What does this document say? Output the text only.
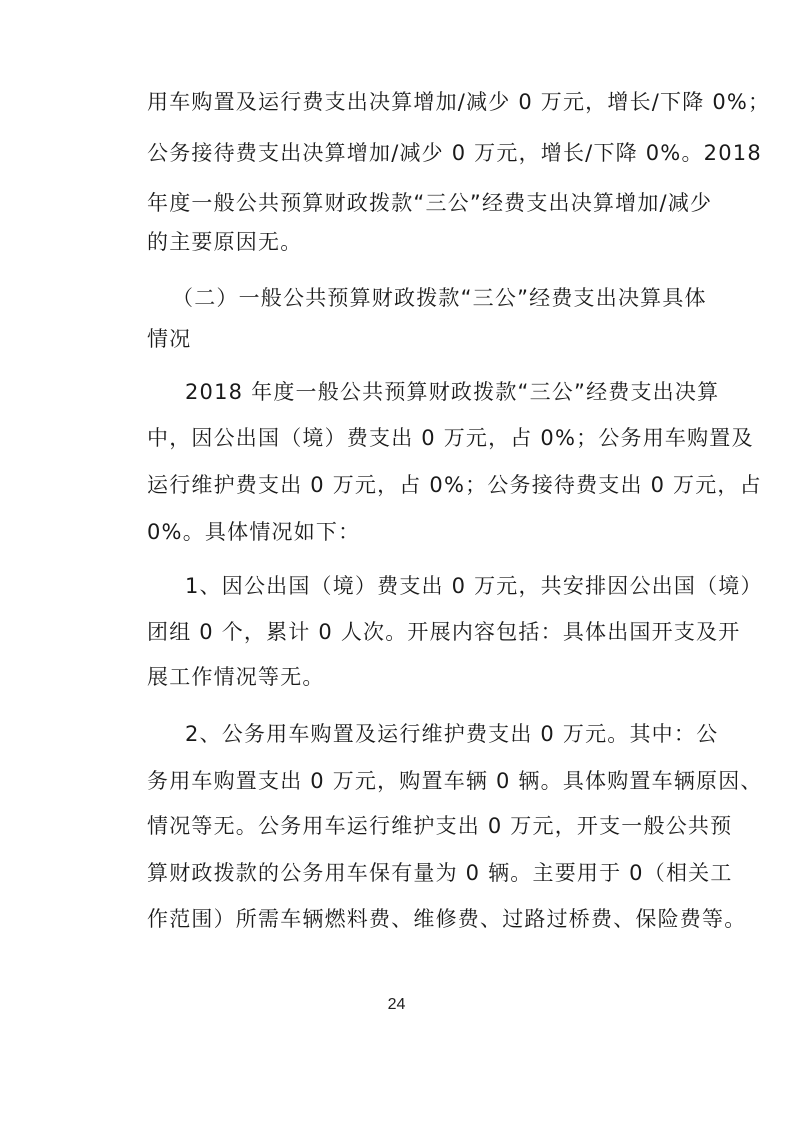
用车购置及运行费支出决算增加/减少 0 万元，增长/下降 0%；
公务接待费支出决算增加/减少 0 万元，增长/下降 0%。2018
年度一般公共预算财政拨款“三公”经费支出决算增加/减少
的主要原因无。
（二）一般公共预算财政拨款“三公”经费支出决算具体
情况
2018 年度一般公共预算财政拨款“三公”经费支出决算
中，因公出国（境）费支出 0 万元，占 0%；公务用车购置及
运行维护费支出 0 万元，占 0%；公务接待费支出 0 万元，占
0%。具体情况如下：
1、因公出国（境）费支出 0 万元，共安排因公出国（境）
团组 0 个，累计 0 人次。开展内容包括：具体出国开支及开
展工作情况等无。
2、公务用车购置及运行维护费支出 0 万元。其中：公
务用车购置支出 0 万元，购置车辆 0 辆。具体购置车辆原因、
情况等无。公务用车运行维护支出 0 万元，开支一般公共预
算财政拨款的公务用车保有量为 0 辆。主要用于 0（相关工
作范围）所需车辆燃料费、维修费、过路过桥费、保险费等。
24
